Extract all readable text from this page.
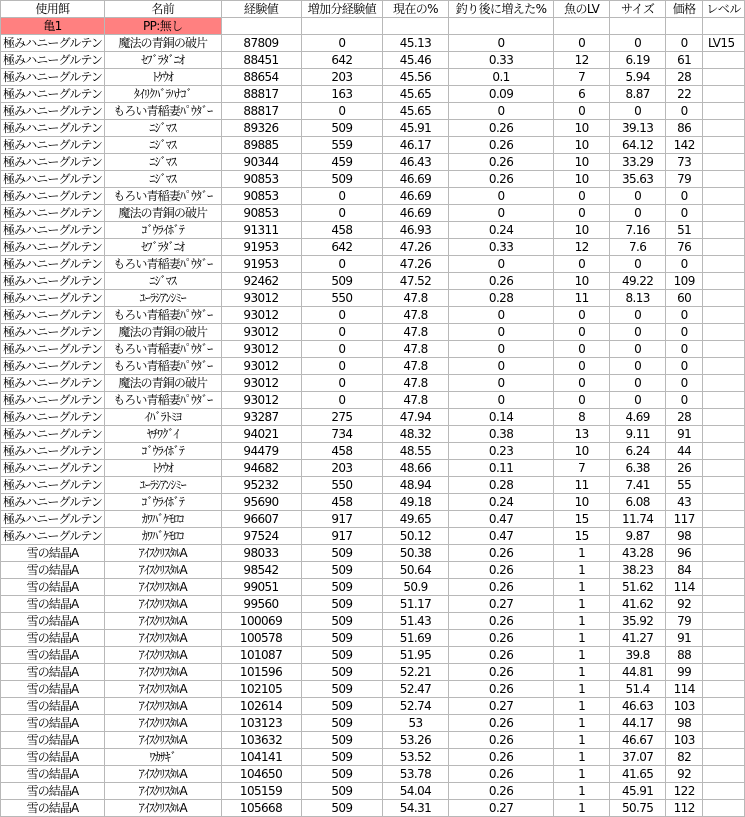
使用餌	名前	経験値	増加分経験値	現在の%	釣り後に増えた%	魚のLV	サイズ	価格	レベル
亀1	PP:無し								
極みハニーグルテン	魔法の青銅の破片	87809	0	45.13	0	0	0	0	LV15
極みハニーグルテン	ｾﾌﾞﾗﾀﾞﾆｵ	88451	642	45.46	0.33	12	6.19	61	
極みハニーグルテン	ﾄｹｳｵ	88654	203	45.56	0.1	7	5.94	28	
極みハニーグルテン	ﾀｲﾘｸﾊﾞﾗﾊﾅｺﾞ	88817	163	45.65	0.09	6	8.87	22	
極みハニーグルテン	もろい青稲妻ﾊﾟｳﾀﾞｰ	88817	0	45.65	0	0	0	0	
極みハニーグルテン	ﾆｼﾞﾏｽ	89326	509	45.91	0.26	10	39.13	86	
極みハニーグルテン	ﾆｼﾞﾏｽ	89885	559	46.17	0.26	10	64.12	142	
極みハニーグルテン	ﾆｼﾞﾏｽ	90344	459	46.43	0.26	10	33.29	73	
極みハニーグルテン	ﾆｼﾞﾏｽ	90853	509	46.69	0.26	10	35.63	79	
極みハニーグルテン	もろい青稲妻ﾊﾟｳﾀﾞｰ	90853	0	46.69	0	0	0	0	
極みハニーグルテン	魔法の青銅の破片	90853	0	46.69	0	0	0	0	
極みハニーグルテン	ｺﾞｳﾗｲﾎﾞﾃ	91311	458	46.93	0.24	10	7.16	51	
極みハニーグルテン	ｾﾌﾞﾗﾀﾞﾆｵ	91953	642	47.26	0.33	12	7.6	76	
極みハニーグルテン	もろい青稲妻ﾊﾟｳﾀﾞｰ	91953	0	47.26	0	0	0	0	
極みハニーグルテン	ﾆｼﾞﾏｽ	92462	509	47.52	0.26	10	49.22	109	
極みハニーグルテン	ﾕｰﾗｼｱﾝｼﾐｰ	93012	550	47.8	0.28	11	8.13	60	
極みハニーグルテン	もろい青稲妻ﾊﾟｳﾀﾞｰ	93012	0	47.8	0	0	0	0	
極みハニーグルテン	魔法の青銅の破片	93012	0	47.8	0	0	0	0	
極みハニーグルテン	もろい青稲妻ﾊﾟｳﾀﾞｰ	93012	0	47.8	0	0	0	0	
極みハニーグルテン	もろい青稲妻ﾊﾟｳﾀﾞｰ	93012	0	47.8	0	0	0	0	
極みハニーグルテン	魔法の青銅の破片	93012	0	47.8	0	0	0	0	
極みハニーグルテン	もろい青稲妻ﾊﾟｳﾀﾞｰ	93012	0	47.8	0	0	0	0	
極みハニーグルテン	ｲﾊﾞﾗﾄﾐﾖ	93287	275	47.94	0.14	8	4.69	28	
極みハニーグルテン	ﾔﾁﾜｸﾞｲ	94021	734	48.32	0.38	13	9.11	91	
極みハニーグルテン	ｺﾞｳﾗｲﾎﾞﾃ	94479	458	48.55	0.23	10	6.24	44	
極みハニーグルテン	ﾄｹｳｵ	94682	203	48.66	0.11	7	6.38	26	
極みハニーグルテン	ﾕｰﾗｼｱﾝｼﾐｰ	95232	550	48.94	0.28	11	7.41	55	
極みハニーグルテン	ｺﾞｳﾗｲﾎﾞﾃ	95690	458	49.18	0.24	10	6.08	43	
極みハニーグルテン	ｶﾜﾊﾞｹﾓﾛｺ	96607	917	49.65	0.47	15	11.74	117	
極みハニーグルテン	ｶﾜﾊﾞｹﾓﾛｺ	97524	917	50.12	0.47	15	9.87	98	
雪の結晶A	ｱｲｽｸﾘｽﾀﾙA	98033	509	50.38	0.26	1	43.28	96	
雪の結晶A	ｱｲｽｸﾘｽﾀﾙA	98542	509	50.64	0.26	1	38.23	84	
雪の結晶A	ｱｲｽｸﾘｽﾀﾙA	99051	509	50.9	0.26	1	51.62	114	
雪の結晶A	ｱｲｽｸﾘｽﾀﾙA	99560	509	51.17	0.27	1	41.62	92	
雪の結晶A	ｱｲｽｸﾘｽﾀﾙA	100069	509	51.43	0.26	1	35.92	79	
雪の結晶A	ｱｲｽｸﾘｽﾀﾙA	100578	509	51.69	0.26	1	41.27	91	
雪の結晶A	ｱｲｽｸﾘｽﾀﾙA	101087	509	51.95	0.26	1	39.8	88	
雪の結晶A	ｱｲｽｸﾘｽﾀﾙA	101596	509	52.21	0.26	1	44.81	99	
雪の結晶A	ｱｲｽｸﾘｽﾀﾙA	102105	509	52.47	0.26	1	51.4	114	
雪の結晶A	ｱｲｽｸﾘｽﾀﾙA	102614	509	52.74	0.27	1	46.63	103	
雪の結晶A	ｱｲｽｸﾘｽﾀﾙA	103123	509	53	0.26	1	44.17	98	
雪の結晶A	ｱｲｽｸﾘｽﾀﾙA	103632	509	53.26	0.26	1	46.67	103	
雪の結晶A	ﾜｶｻｷﾞ	104141	509	53.52	0.26	1	37.07	82	
雪の結晶A	ｱｲｽｸﾘｽﾀﾙA	104650	509	53.78	0.26	1	41.65	92	
雪の結晶A	ｱｲｽｸﾘｽﾀﾙA	105159	509	54.04	0.26	1	45.91	122	
雪の結晶A	ｱｲｽｸﾘｽﾀﾙA	105668	509	54.31	0.27	1	50.75	112	
